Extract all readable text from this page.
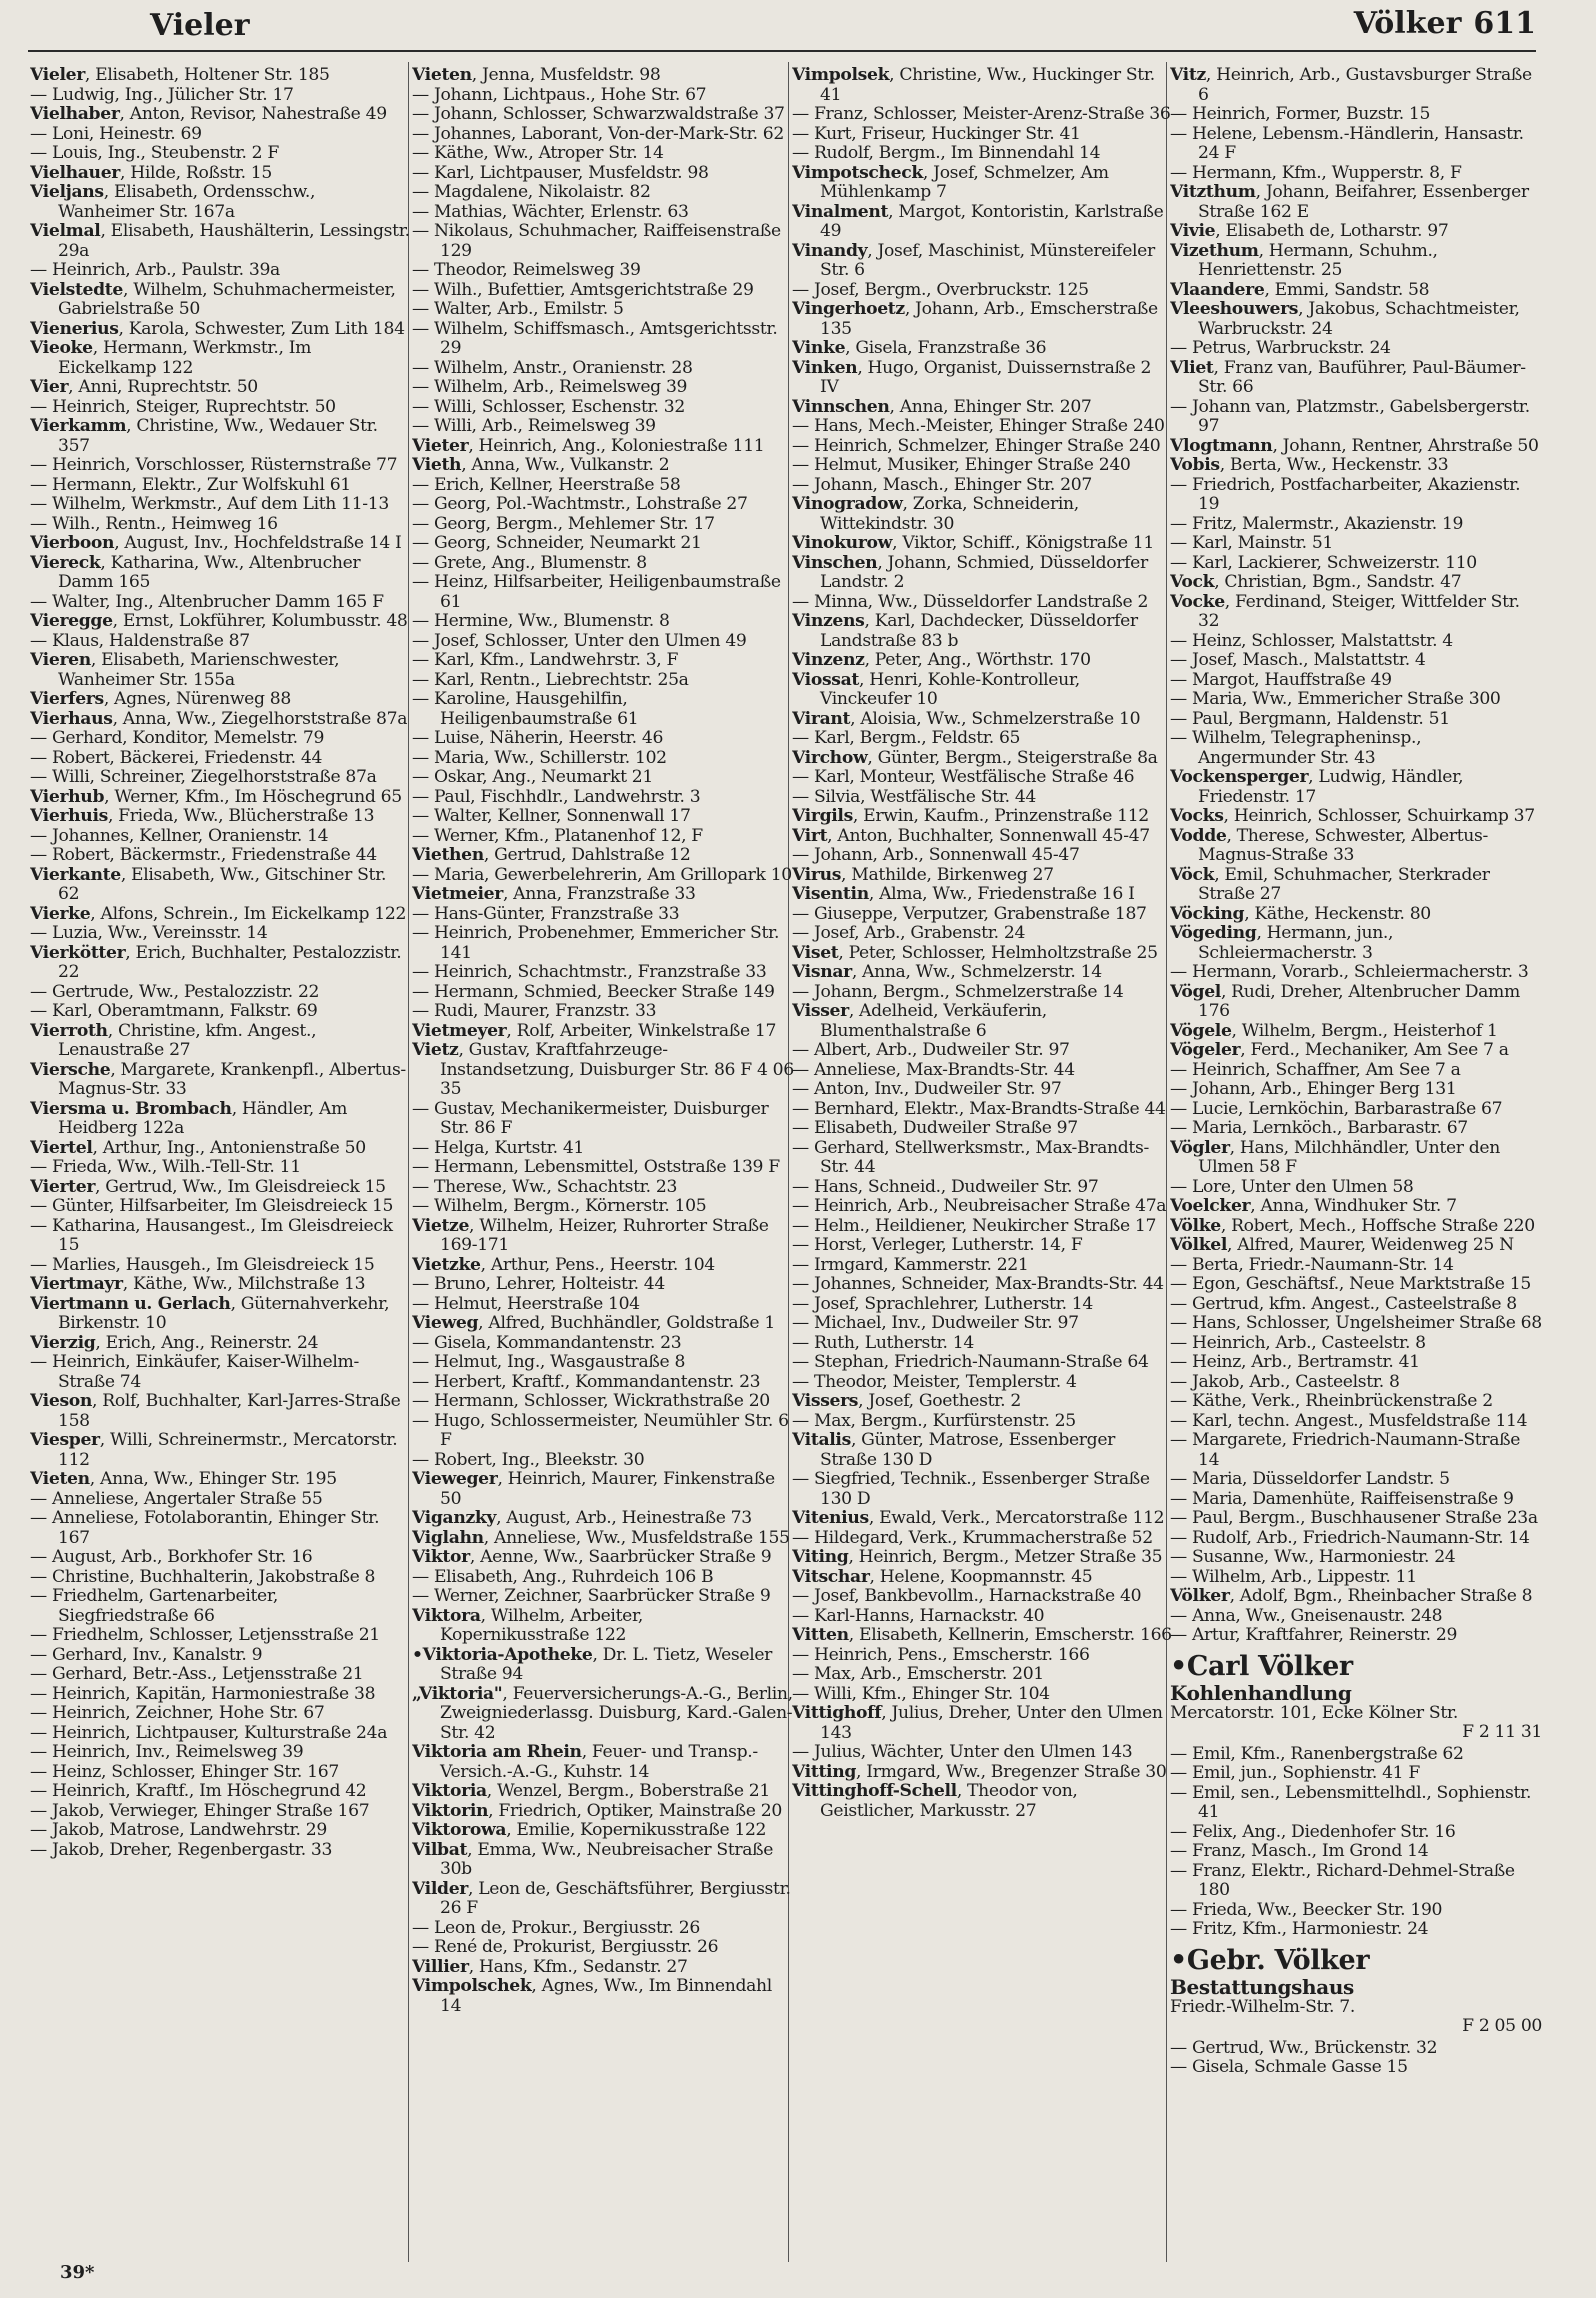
Vieler	Völker 611

Vieler, Elisabeth, Holtener Str. 185

— Ludwig, Ing., Jülicher Str. 17

Vielhaber, Anton, Revisor, Nahestraße 49

— Loni, Heinestr. 69

— Louis, Ing., Steubenstr. 2 F

Vielhauer, Hilde, Roßstr. 15

Vieljans, Elisabeth, Ordensschw., Wanheimer Str. 167a

Vielmal, Elisabeth, Haushälterin, Lessingstr. 29a

— Heinrich, Arb., Paulstr. 39a

Vielstedte, Wilhelm, Schuhmachermeister, Gabrielstraße 50

Vienerius, Karola, Schwester, Zum Lith 184

Vieoke, Hermann, Werkmstr., Im Eickelkamp 122

Vier, Anni, Ruprechtstr. 50

— Heinrich, Steiger, Ruprechtstr. 50

Vierkamm, Christine, Ww., Wedauer Str. 357

— Heinrich, Vorschlosser, Rüsternstraße 77

— Hermann, Elektr., Zur Wolfskuhl 61

— Wilhelm, Werkmstr., Auf dem Lith 11-13

— Wilh., Rentn., Heimweg 16

Vierboon, August, Inv., Hochfeldstraße 14 I

Viereck, Katharina, Ww., Altenbrucher Damm 165

— Walter, Ing., Altenbrucher Damm 165 F

Vieregge, Ernst, Lokführer, Kolumbusstr. 48

— Klaus, Haldenstraße 87

Vieren, Elisabeth, Marienschwester, Wanheimer Str. 155a

Vierfers, Agnes, Nürenweg 88

Vierhaus, Anna, Ww., Ziegelhorststraße 87a

— Gerhard, Konditor, Memelstr. 79

— Robert, Bäckerei, Friedenstr. 44

— Willi, Schreiner, Ziegelhorststraße 87a

Vierhub, Werner, Kfm., Im Höschegrund 65

Vierhuis, Frieda, Ww., Blücherstraße 13

— Johannes, Kellner, Oranienstr. 14

— Robert, Bäckermstr., Friedenstraße 44

Vierkante, Elisabeth, Ww., Gitschiner Str. 62

Vierke, Alfons, Schrein., Im Eickelkamp 122

— Luzia, Ww., Vereinsstr. 14

Vierkötter, Erich, Buchhalter, Pestalozzistr. 22

— Gertrude, Ww., Pestalozzistr. 22

— Karl, Oberamtmann, Falkstr. 69

Vierroth, Christine, kfm. Angest., Lenaustraße 27

Viersche, Margarete, Krankenpfl., Albertus-Magnus-Str. 33

Viersma u. Brombach, Händler, Am Heidberg 122a

Viertel, Arthur, Ing., Antonienstraße 50

— Frieda, Ww., Wilh.-Tell-Str. 11

Vierter, Gertrud, Ww., Im Gleisdreieck 15

— Günter, Hilfsarbeiter, Im Gleisdreieck 15

— Katharina, Hausangest., Im Gleisdreieck 15

— Marlies, Hausgeh., Im Gleisdreieck 15

Viertmayr, Käthe, Ww., Milchstraße 13

Viertmann u. Gerlach, Güternahverkehr, Birkenstr. 10

Vierzig, Erich, Ang., Reinerstr. 24

— Heinrich, Einkäufer, Kaiser-Wilhelm-Straße 74

Vieson, Rolf, Buchhalter, Karl-Jarres-Straße 158

Viesper, Willi, Schreinermstr., Mercatorstr. 112

Vieten, Anna, Ww., Ehinger Str. 195

— Anneliese, Angertaler Straße 55

— Anneliese, Fotolaborantin, Ehinger Str. 167

— August, Arb., Borkhofer Str. 16

— Christine, Buchhalterin, Jakobstraße 8

— Friedhelm, Gartenarbeiter, Siegfriedstraße 66

— Friedhelm, Schlosser, Letjensstraße 21

— Gerhard, Inv., Kanalstr. 9

— Gerhard, Betr.-Ass., Letjensstraße 21

— Heinrich, Kapitän, Harmoniestraße 38

— Heinrich, Zeichner, Hohe Str. 67

— Heinrich, Lichtpauser, Kulturstraße 24a

— Heinrich, Inv., Reimelsweg 39

— Heinz, Schlosser, Ehinger Str. 167

— Heinrich, Kraftf., Im Höschegrund 42

— Jakob, Verwieger, Ehinger Straße 167

— Jakob, Matrose, Landwehrstr. 29

— Jakob, Dreher, Regenbergastr. 33

Vieten, Jenna, Musfeldstr. 98

— Johann, Lichtpaus., Hohe Str. 67

— Johann, Schlosser, Schwarzwaldstraße 37

— Johannes, Laborant, Von-der-Mark-Str. 62

— Käthe, Ww., Atroper Str. 14

— Karl, Lichtpauser, Musfeldstr. 98

— Magdalene, Nikolaistr. 82

— Mathias, Wächter, Erlenstr. 63

— Nikolaus, Schuhmacher, Raiffeisenstraße 129

— Theodor, Reimelsweg 39

— Wilh., Bufettier, Amtsgerichtstraße 29

— Walter, Arb., Emilstr. 5

— Wilhelm, Schiffsmasch., Amtsgerichtsstr. 29

— Wilhelm, Anstr., Oranienstr. 28

— Wilhelm, Arb., Reimelsweg 39

— Willi, Schlosser, Eschenstr. 32

— Willi, Arb., Reimelsweg 39

Vieter, Heinrich, Ang., Koloniestraße 111

Vieth, Anna, Ww., Vulkanstr. 2

— Erich, Kellner, Heerstraße 58

— Georg, Pol.-Wachtmstr., Lohstraße 27

— Georg, Bergm., Mehlemer Str. 17

— Georg, Schneider, Neumarkt 21

— Grete, Ang., Blumenstr. 8

— Heinz, Hilfsarbeiter, Heiligenbaumstraße 61

— Hermine, Ww., Blumenstr. 8

— Josef, Schlosser, Unter den Ulmen 49

— Karl, Kfm., Landwehrstr. 3, F

— Karl, Rentn., Liebrechtstr. 25a

— Karoline, Hausgehilfin, Heiligenbaumstraße 61

— Luise, Näherin, Heerstr. 46

— Maria, Ww., Schillerstr. 102

— Oskar, Ang., Neumarkt 21

— Paul, Fischhdlr., Landwehrstr. 3

— Walter, Kellner, Sonnenwall 17

— Werner, Kfm., Platanenhof 12, F

Viethen, Gertrud, Dahlstraße 12

— Maria, Gewerbelehrerin, Am Grillopark 10

Vietmeier, Anna, Franzstraße 33

— Hans-Günter, Franzstraße 33

— Heinrich, Probenehmer, Emmericher Str. 141

— Heinrich, Schachtmstr., Franzstraße 33

— Hermann, Schmied, Beecker Straße 149

— Rudi, Maurer, Franzstr. 33

Vietmeyer, Rolf, Arbeiter, Winkelstraße 17

Vietz, Gustav, Kraftfahrzeuge-Instandsetzung, Duisburger Str. 86 F 4 06 35

— Gustav, Mechanikermeister, Duisburger Str. 86 F

— Helga, Kurtstr. 41

— Hermann, Lebensmittel, Oststraße 139 F

— Therese, Ww., Schachtstr. 23

— Wilhelm, Bergm., Körnerstr. 105

Vietze, Wilhelm, Heizer, Ruhrorter Straße 169-171

Vietzke, Arthur, Pens., Heerstr. 104

— Bruno, Lehrer, Holteistr. 44

— Helmut, Heerstraße 104

Vieweg, Alfred, Buchhändler, Goldstraße 1

— Gisela, Kommandantenstr. 23

— Helmut, Ing., Wasgaustraße 8

— Herbert, Kraftf., Kommandantenstr. 23

— Hermann, Schlosser, Wickrathstraße 20

— Hugo, Schlossermeister, Neumühler Str. 6 F

— Robert, Ing., Bleekstr. 30

Vieweger, Heinrich, Maurer, Finkenstraße 50

Viganzky, August, Arb., Heinestraße 73

Viglahn, Anneliese, Ww., Musfeldstraße 155

Viktor, Aenne, Ww., Saarbrücker Straße 9

— Elisabeth, Ang., Ruhrdeich 106 B

— Werner, Zeichner, Saarbrücker Straße 9

Viktora, Wilhelm, Arbeiter, Kopernikusstraße 122

•Viktoria-Apotheke, Dr. L. Tietz, Weseler Straße 94

„Viktoria", Feuerversicherungs-A.-G., Berlin, Zweigniederlassg. Duisburg, Kard.-Galen-Str. 42

Viktoria am Rhein, Feuer- und Transp.-Versich.-A.-G., Kuhstr. 14

Viktoria, Wenzel, Bergm., Boberstraße 21

Viktorin, Friedrich, Optiker, Mainstraße 20

Viktorowa, Emilie, Kopernikusstraße 122

Vilbat, Emma, Ww., Neubreisacher Straße 30b

Vilder, Leon de, Geschäftsführer, Bergiusstr. 26 F

— Leon de, Prokur., Bergiusstr. 26

— René de, Prokurist, Bergiusstr. 26

Villier, Hans, Kfm., Sedanstr. 27

Vimpolschek, Agnes, Ww., Im Binnendahl 14

Vimpolsek, Christine, Ww., Huckinger Str. 41

— Franz, Schlosser, Meister-Arenz-Straße 36

— Kurt, Friseur, Huckinger Str. 41

— Rudolf, Bergm., Im Binnendahl 14

Vimpotscheck, Josef, Schmelzer, Am Mühlenkamp 7

Vinalment, Margot, Kontoristin, Karlstraße 49

Vinandy, Josef, Maschinist, Münstereifeler Str. 6

— Josef, Bergm., Overbruckstr. 125

Vingerhoetz, Johann, Arb., Emscherstraße 135

Vinke, Gisela, Franzstraße 36

Vinken, Hugo, Organist, Duissernstraße 2 IV

Vinnschen, Anna, Ehinger Str. 207

— Hans, Mech.-Meister, Ehinger Straße 240

— Heinrich, Schmelzer, Ehinger Straße 240

— Helmut, Musiker, Ehinger Straße 240

— Johann, Masch., Ehinger Str. 207

Vinogradow, Zorka, Schneiderin, Wittekindstr. 30

Vinokurow, Viktor, Schiff., Königstraße 11

Vinschen, Johann, Schmied, Düsseldorfer Landstr. 2

— Minna, Ww., Düsseldorfer Landstraße 2

Vinzens, Karl, Dachdecker, Düsseldorfer Landstraße 83 b

Vinzenz, Peter, Ang., Wörthstr. 170

Viossat, Henri, Kohle-Kontrolleur, Vinckeufer 10

Virant, Aloisia, Ww., Schmelzerstraße 10

— Karl, Bergm., Feldstr. 65

Virchow, Günter, Bergm., Steigerstraße 8a

— Karl, Monteur, Westfälische Straße 46

— Silvia, Westfälische Str. 44

Virgils, Erwin, Kaufm., Prinzenstraße 112

Virt, Anton, Buchhalter, Sonnenwall 45-47

— Johann, Arb., Sonnenwall 45-47

Virus, Mathilde, Birkenweg 27

Visentin, Alma, Ww., Friedenstraße 16 I

— Giuseppe, Verputzer, Grabenstraße 187

— Josef, Arb., Grabenstr. 24

Viset, Peter, Schlosser, Helmholtzstraße 25

Visnar, Anna, Ww., Schmelzerstr. 14

— Johann, Bergm., Schmelzerstraße 14

Visser, Adelheid, Verkäuferin, Blumenthalstraße 6

— Albert, Arb., Dudweiler Str. 97

— Anneliese, Max-Brandts-Str. 44

— Anton, Inv., Dudweiler Str. 97

— Bernhard, Elektr., Max-Brandts-Straße 44

— Elisabeth, Dudweiler Straße 97

— Gerhard, Stellwerksmstr., Max-Brandts-Str. 44

— Hans, Schneid., Dudweiler Str. 97

— Heinrich, Arb., Neubreisacher Straße 47a

— Helm., Heildiener, Neukircher Straße 17

— Horst, Verleger, Lutherstr. 14, F

— Irmgard, Kammerstr. 221

— Johannes, Schneider, Max-Brandts-Str. 44

— Josef, Sprachlehrer, Lutherstr. 14

— Michael, Inv., Dudweiler Str. 97

— Ruth, Lutherstr. 14

— Stephan, Friedrich-Naumann-Straße 64

— Theodor, Meister, Templerstr. 4

Vissers, Josef, Goethestr. 2

— Max, Bergm., Kurfürstenstr. 25

Vitalis, Günter, Matrose, Essenberger Straße 130 D

— Siegfried, Technik., Essenberger Straße 130 D

Vitenius, Ewald, Verk., Mercatorstraße 112

— Hildegard, Verk., Krummacherstraße 52

Viting, Heinrich, Bergm., Metzer Straße 35

Vitschar, Helene, Koopmannstr. 45

— Josef, Bankbevollm., Harnackstraße 40

— Karl-Hanns, Harnackstr. 40

Vitten, Elisabeth, Kellnerin, Emscherstr. 166

— Heinrich, Pens., Emscherstr. 166

— Max, Arb., Emscherstr. 201

— Willi, Kfm., Ehinger Str. 104

Vittighoff, Julius, Dreher, Unter den Ulmen 143

— Julius, Wächter, Unter den Ulmen 143

Vitting, Irmgard, Ww., Bregenzer Straße 30

Vittinghoff-Schell, Theodor von, Geistlicher, Markusstr. 27

Vitz, Heinrich, Arb., Gustavsburger Straße 6

— Heinrich, Former, Buzstr. 15

— Helene, Lebensm.-Händlerin, Hansastr. 24 F

— Hermann, Kfm., Wupperstr. 8, F

Vitzthum, Johann, Beifahrer, Essenberger Straße 162 E

Vivie, Elisabeth de, Lotharstr. 97

Vizethum, Hermann, Schuhm., Henriettenstr. 25

Vlaandere, Emmi, Sandstr. 58

Vleeshouwers, Jakobus, Schachtmeister, Warbruckstr. 24

— Petrus, Warbruckstr. 24

Vliet, Franz van, Bauführer, Paul-Bäumer-Str. 66

— Johann van, Platzmstr., Gabelsbergerstr. 97

Vlogtmann, Johann, Rentner, Ahrstraße 50

Vobis, Berta, Ww., Heckenstr. 33

— Friedrich, Postfacharbeiter, Akazienstr. 19

— Fritz, Malermstr., Akazienstr. 19

— Karl, Mainstr. 51

— Karl, Lackierer, Schweizerstr. 110

Vock, Christian, Bgm., Sandstr. 47

Vocke, Ferdinand, Steiger, Wittfelder Str. 32

— Heinz, Schlosser, Malstattstr. 4

— Josef, Masch., Malstattstr. 4

— Margot, Hauffstraße 49

— Maria, Ww., Emmericher Straße 300

— Paul, Bergmann, Haldenstr. 51

— Wilhelm, Telegrapheninsp., Angermunder Str. 43

Vockensperger, Ludwig, Händler, Friedenstr. 17

Vocks, Heinrich, Schlosser, Schuirkamp 37

Vodde, Therese, Schwester, Albertus-Magnus-Straße 33

Vöck, Emil, Schuhmacher, Sterkrader Straße 27

Vöcking, Käthe, Heckenstr. 80

Vögeding, Hermann, jun., Schleiermacherstr. 3

— Hermann, Vorarb., Schleiermacherstr. 3

Vögel, Rudi, Dreher, Altenbrucher Damm 176

Vögele, Wilhelm, Bergm., Heisterhof 1

Vögeler, Ferd., Mechaniker, Am See 7 a

— Heinrich, Schaffner, Am See 7 a

— Johann, Arb., Ehinger Berg 131

— Lucie, Lernköchin, Barbarastraße 67

— Maria, Lernköch., Barbarastr. 67

Vögler, Hans, Milchhändler, Unter den Ulmen 58 F

— Lore, Unter den Ulmen 58

Voelcker, Anna, Windhuker Str. 7

Völke, Robert, Mech., Hoffsche Straße 220

Völkel, Alfred, Maurer, Weidenweg 25 N

— Berta, Friedr.-Naumann-Str. 14

— Egon, Geschäftsf., Neue Marktstraße 15

— Gertrud, kfm. Angest., Casteelstraße 8

— Hans, Schlosser, Ungelsheimer Straße 68

— Heinrich, Arb., Casteelstr. 8

— Heinz, Arb., Bertramstr. 41

— Jakob, Arb., Casteelstr. 8

— Käthe, Verk., Rheinbrückenstraße 2

— Karl, techn. Angest., Musfeldstraße 114

— Margarete, Friedrich-Naumann-Straße 14

— Maria, Düsseldorfer Landstr. 5

— Maria, Damenhüte, Raiffeisenstraße 9

— Paul, Bergm., Buschhausener Straße 23a

— Rudolf, Arb., Friedrich-Naumann-Str. 14

— Susanne, Ww., Harmoniestr. 24

— Wilhelm, Arb., Lippestr. 11

Völker, Adolf, Bgm., Rheinbacher Straße 8

— Anna, Ww., Gneisenaustr. 248

— Artur, Kraftfahrer, Reinerstr. 29

•Carl Völker
Kohlenhandlung
Mercatorstr. 101, Ecke Kölner Str.
F 2 11 31

— Emil, Kfm., Ranenbergstraße 62

— Emil, jun., Sophienstr. 41 F

— Emil, sen., Lebensmittelhdl., Sophienstr. 41

— Felix, Ang., Diedenhofer Str. 16

— Franz, Masch., Im Grond 14

— Franz, Elektr., Richard-Dehmel-Straße 180

— Frieda, Ww., Beecker Str. 190

— Fritz, Kfm., Harmoniestr. 24

•Gebr. Völker
Bestattungshaus
Friedr.-Wilhelm-Str. 7.
F 2 05 00

— Gertrud, Ww., Brückenstr. 32

— Gisela, Schmale Gasse 15

39*
